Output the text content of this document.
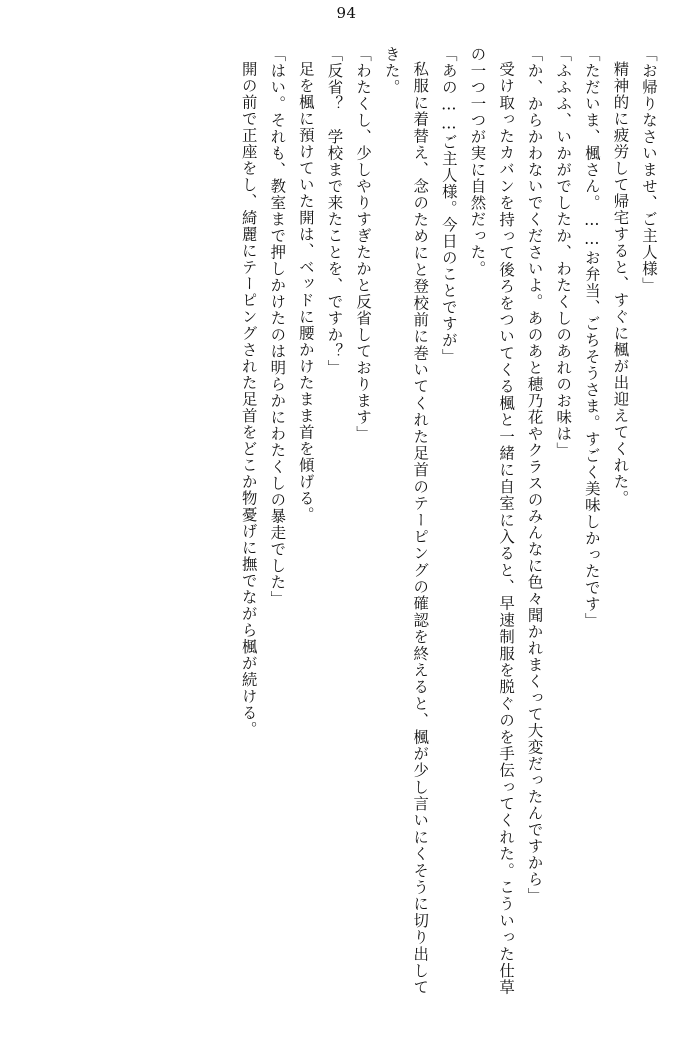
94
「お帰りなさいませ、ご主人様」
精神的に疲労して帰宅すると、すぐに楓が出迎えてくれた。
「ただいま、楓さん。……お弁当、ごちそうさま。すごく美味しかったです」
「ふふふ、いかがでしたか、わたくしのあれのお味は」
「か、からかわないでくださいよ。あのあと穂乃花やクラスのみんなに色々聞かれまくって大変だったんですから」
受け取ったカバンを持って後ろをついてくる楓と一緒に自室に入ると、早速制服を脱ぐのを手伝ってくれた。こういった仕草の一つ一つが実に自然だった。
「あの……ご主人様。今日のことですが」
私服に着替え、念のためにと登校前に巻いてくれた足首のテーピングの確認を終えると、楓が少し言いにくそうに切り出してきた。
「わたくし、少しやりすぎたかと反省しております」
「反省？　学校まで来たことを、ですか？」
足を楓に預けていた開は、ベッドに腰かけたまま首を傾げる。
「はい。それも、教室まで押しかけたのは明らかにわたくしの暴走でした」
開の前で正座をし、綺麗にテーピングされた足首をどこか物憂げに撫でながら楓が続ける。
